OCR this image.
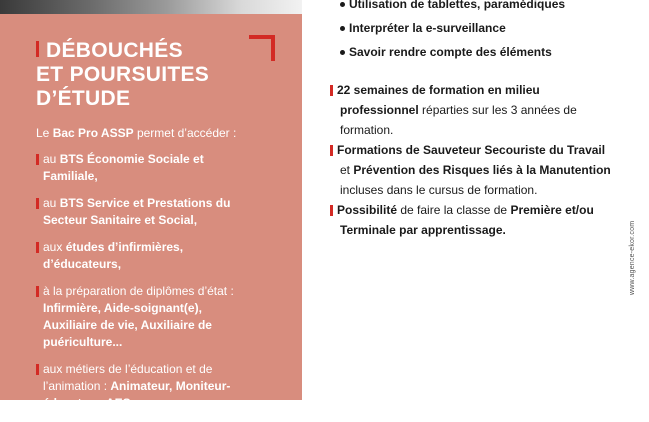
DÉBOUCHÉS
ET POURSUITES
D’ÉTUDE

Le Bac Pro ASSP permet d’accéder :

au BTS Économie Sociale et
Familiale,
au BTS Service et Prestations du
Secteur Sanitaire et Social,
aux études d’infirmières,
d’éducateurs,
à la préparation de diplômes d’état :
Infirmière, Aide-soignant(e),
Auxiliaire de vie, Auxiliaire de
puériculture...
aux métiers de l’éducation et de
l’animation : Animateur, Moniteur-
éducateur, AES...
Utilisation de tablettes, paramédiques
Interpréter la e-surveillance
Savoir rendre compte des éléments

22 semaines de formation en milieu
professionnel réparties sur les 3 années de
formation.

Formations de Sauveteur Secouriste du Travail
et Prévention des Risques liés à la Manutention
incluses dans le cursus de formation.

Possibilité de faire la classe de Première et/ou
Terminale par apprentissage.	www.agence-ekor.com
